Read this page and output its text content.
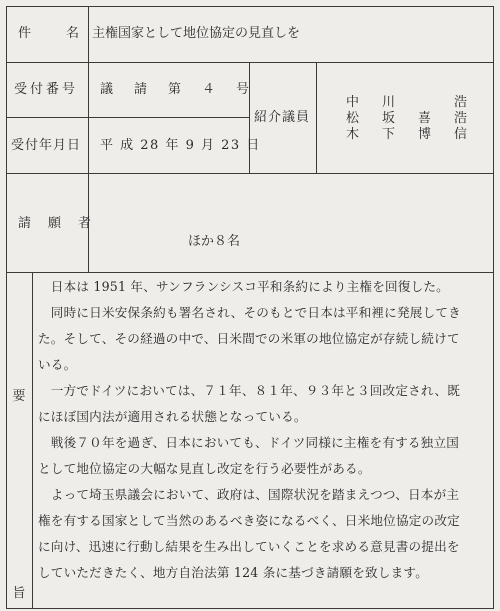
件　　名 主権国家として地位協定の見直しを
受付番号 議　請　第　４　号
受付年月日 平 成 28 年 9 月 23 日
紹介議員
中　川　　　浩
松　坂　喜　浩
木　下　博　信
請　願　者
ほか８名
要
旨
　日本は 1951 年、サンフランシスコ平和条約により主権を回復した。
　同時に日米安保条約も署名され、そのもとで日本は平和裡に発展してき
た。そして、その経過の中で、日米間での米軍の地位協定が存続し続けて
いる。
　一方でドイツにおいては、７１年、８１年、９３年と３回改定され、既
にほぼ国内法が適用される状態となっている。
　戦後７０年を過ぎ、日本においても、ドイツ同様に主権を有する独立国
として地位協定の大幅な見直し改定を行う必要性がある。
　よって埼玉県議会において、政府は、国際状況を踏まえつつ、日本が主
権を有する国家として当然のあるべき姿になるべく、日米地位協定の改定
に向け、迅速に行動し結果を生み出していくことを求める意見書の提出を
していただきたく、地方自治法第 124 条に基づき請願を致します。
